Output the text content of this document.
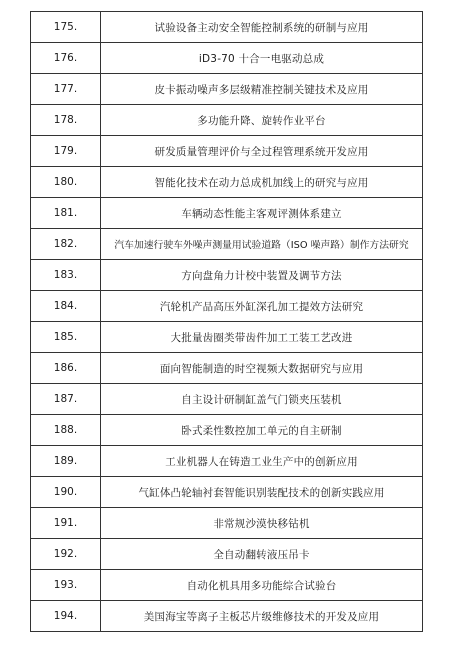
175.	试验设备主动安全智能控制系统的研制与应用
176.	iD3-70 十合一电驱动总成
177.	皮卡振动噪声多层级精准控制关键技术及应用
178.	多功能升降、旋转作业平台
179.	研发质量管理评价与全过程管理系统开发应用
180.	智能化技术在动力总成机加线上的研究与应用
181.	车辆动态性能主客观评测体系建立
182.	汽车加速行驶车外噪声测量用试验道路（ISO 噪声路）制作方法研究
183.	方向盘角力计校中装置及调节方法
184.	汽轮机产品高压外缸深孔加工提效方法研究
185.	大批量齿圈类带齿件加工工装工艺改进
186.	面向智能制造的时空视频大数据研究与应用
187.	自主设计研制缸盖气门锁夹压装机
188.	卧式柔性数控加工单元的自主研制
189.	工业机器人在铸造工业生产中的创新应用
190.	气缸体凸轮轴衬套智能识别装配技术的创新实践应用
191.	非常规沙漠快移钻机
192.	全自动翻转液压吊卡
193.	自动化机具用多功能综合试验台
194.	美国海宝等离子主板芯片级维修技术的开发及应用
